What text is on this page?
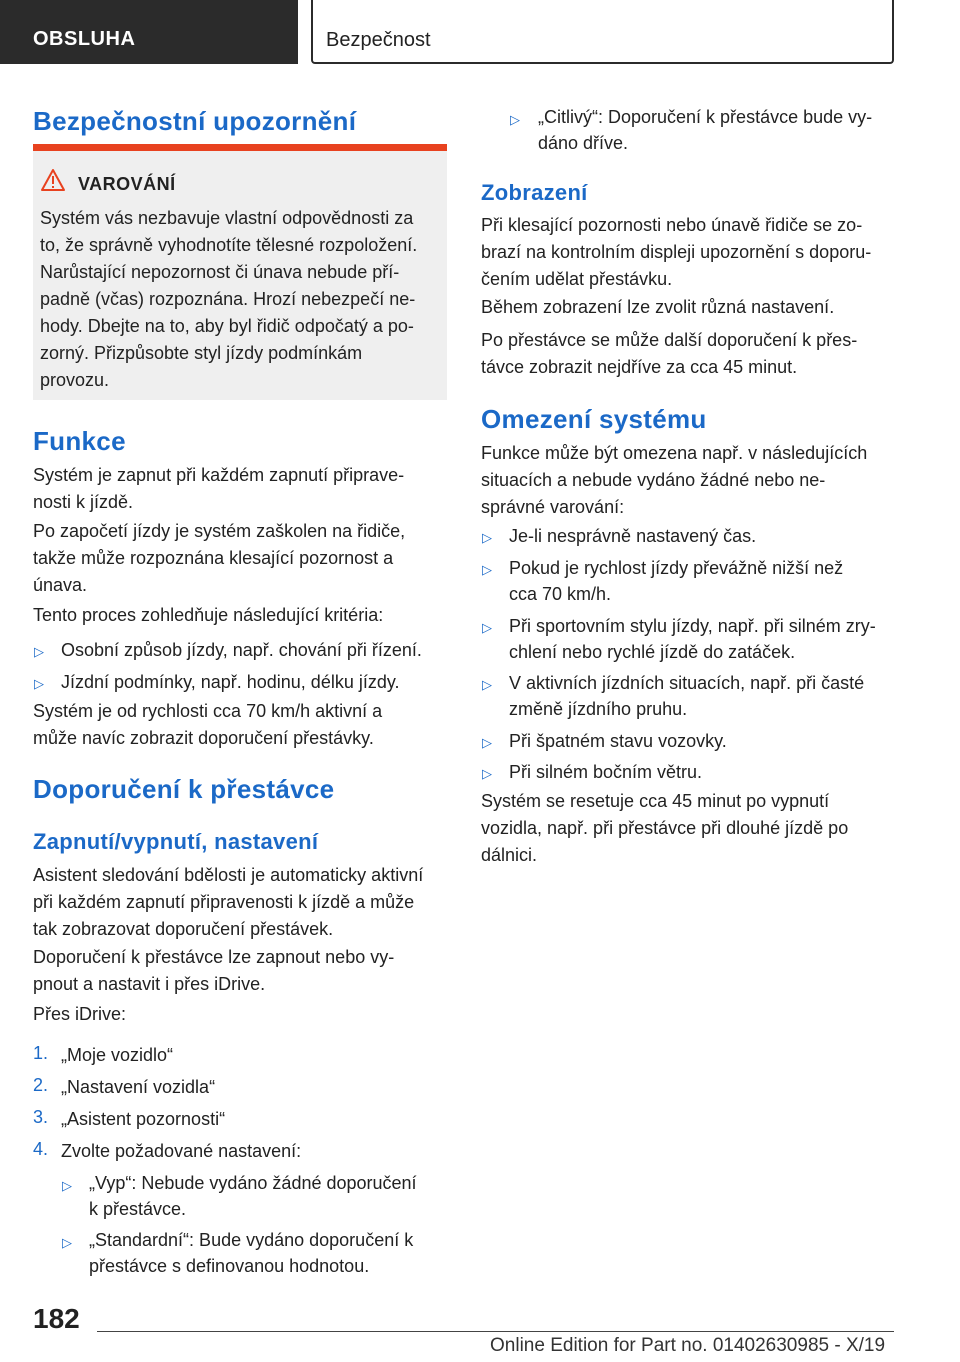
OBSLUHA	Bezpečnost
Bezpečnostní upozornění
VAROVÁNÍ
Systém vás nezbavuje vlastní odpovědnosti za
to, že správně vyhodnotíte tělesné rozpoložení.
Narůstající nepozornost či únava nebude pří-
padně (včas) rozpoznána. Hrozí nebezpečí ne-
hody. Dbejte na to, aby byl řidič odpočatý a po-
zorný. Přizpůsobte styl jízdy podmínkám
provozu.
Funkce
Systém je zapnut při každém zapnutí připrave-
nosti k jízdě.
Po započetí jízdy je systém zaškolen na řidiče,
takže může rozpoznána klesající pozornost a
únava.
Tento proces zohledňuje následující kritéria:
▷ Osobní způsob jízdy, např. chování při řízení.
▷ Jízdní podmínky, např. hodinu, délku jízdy.
Systém je od rychlosti cca 70 km/h aktivní a
může navíc zobrazit doporučení přestávky.
Doporučení k přestávce
Zapnutí/vypnutí, nastavení
Asistent sledování bdělosti je automaticky aktivní
při každém zapnutí připravenosti k jízdě a může
tak zobrazovat doporučení přestávek.
Doporučení k přestávce lze zapnout nebo vy-
pnout a nastavit i přes iDrive.
Přes iDrive:
1. „Moje vozidlo“
2. „Nastavení vozidla“
3. „Asistent pozornosti“
4. Zvolte požadované nastavení:
▷ „Vyp“: Nebude vydáno žádné doporučení
k přestávce.
▷ „Standardní“: Bude vydáno doporučení k
přestávce s definovanou hodnotou.
▷ „Citlivý“: Doporučení k přestávce bude vy-
dáno dříve.
Zobrazení
Při klesající pozornosti nebo únavě řidiče se zo-
brazí na kontrolním displeji upozornění s doporu-
čením udělat přestávku.
Během zobrazení lze zvolit různá nastavení.
Po přestávce se může další doporučení k přes-
távce zobrazit nejdříve za cca 45 minut.
Omezení systému
Funkce může být omezena např. v následujících
situacích a nebude vydáno žádné nebo ne-
správné varování:
▷ Je-li nesprávně nastavený čas.
▷ Pokud je rychlost jízdy převážně nižší než
cca 70 km/h.
▷ Při sportovním stylu jízdy, např. při silném zry-
chlení nebo rychlé jízdě do zatáček.
▷ V aktivních jízdních situacích, např. při časté
změně jízdního pruhu.
▷ Při špatném stavu vozovky.
▷ Při silném bočním větru.
Systém se resetuje cca 45 minut po vypnutí
vozidla, např. při přestávce při dlouhé jízdě po
dálnici.
182
Online Edition for Part no. 01402630985 - X/19
